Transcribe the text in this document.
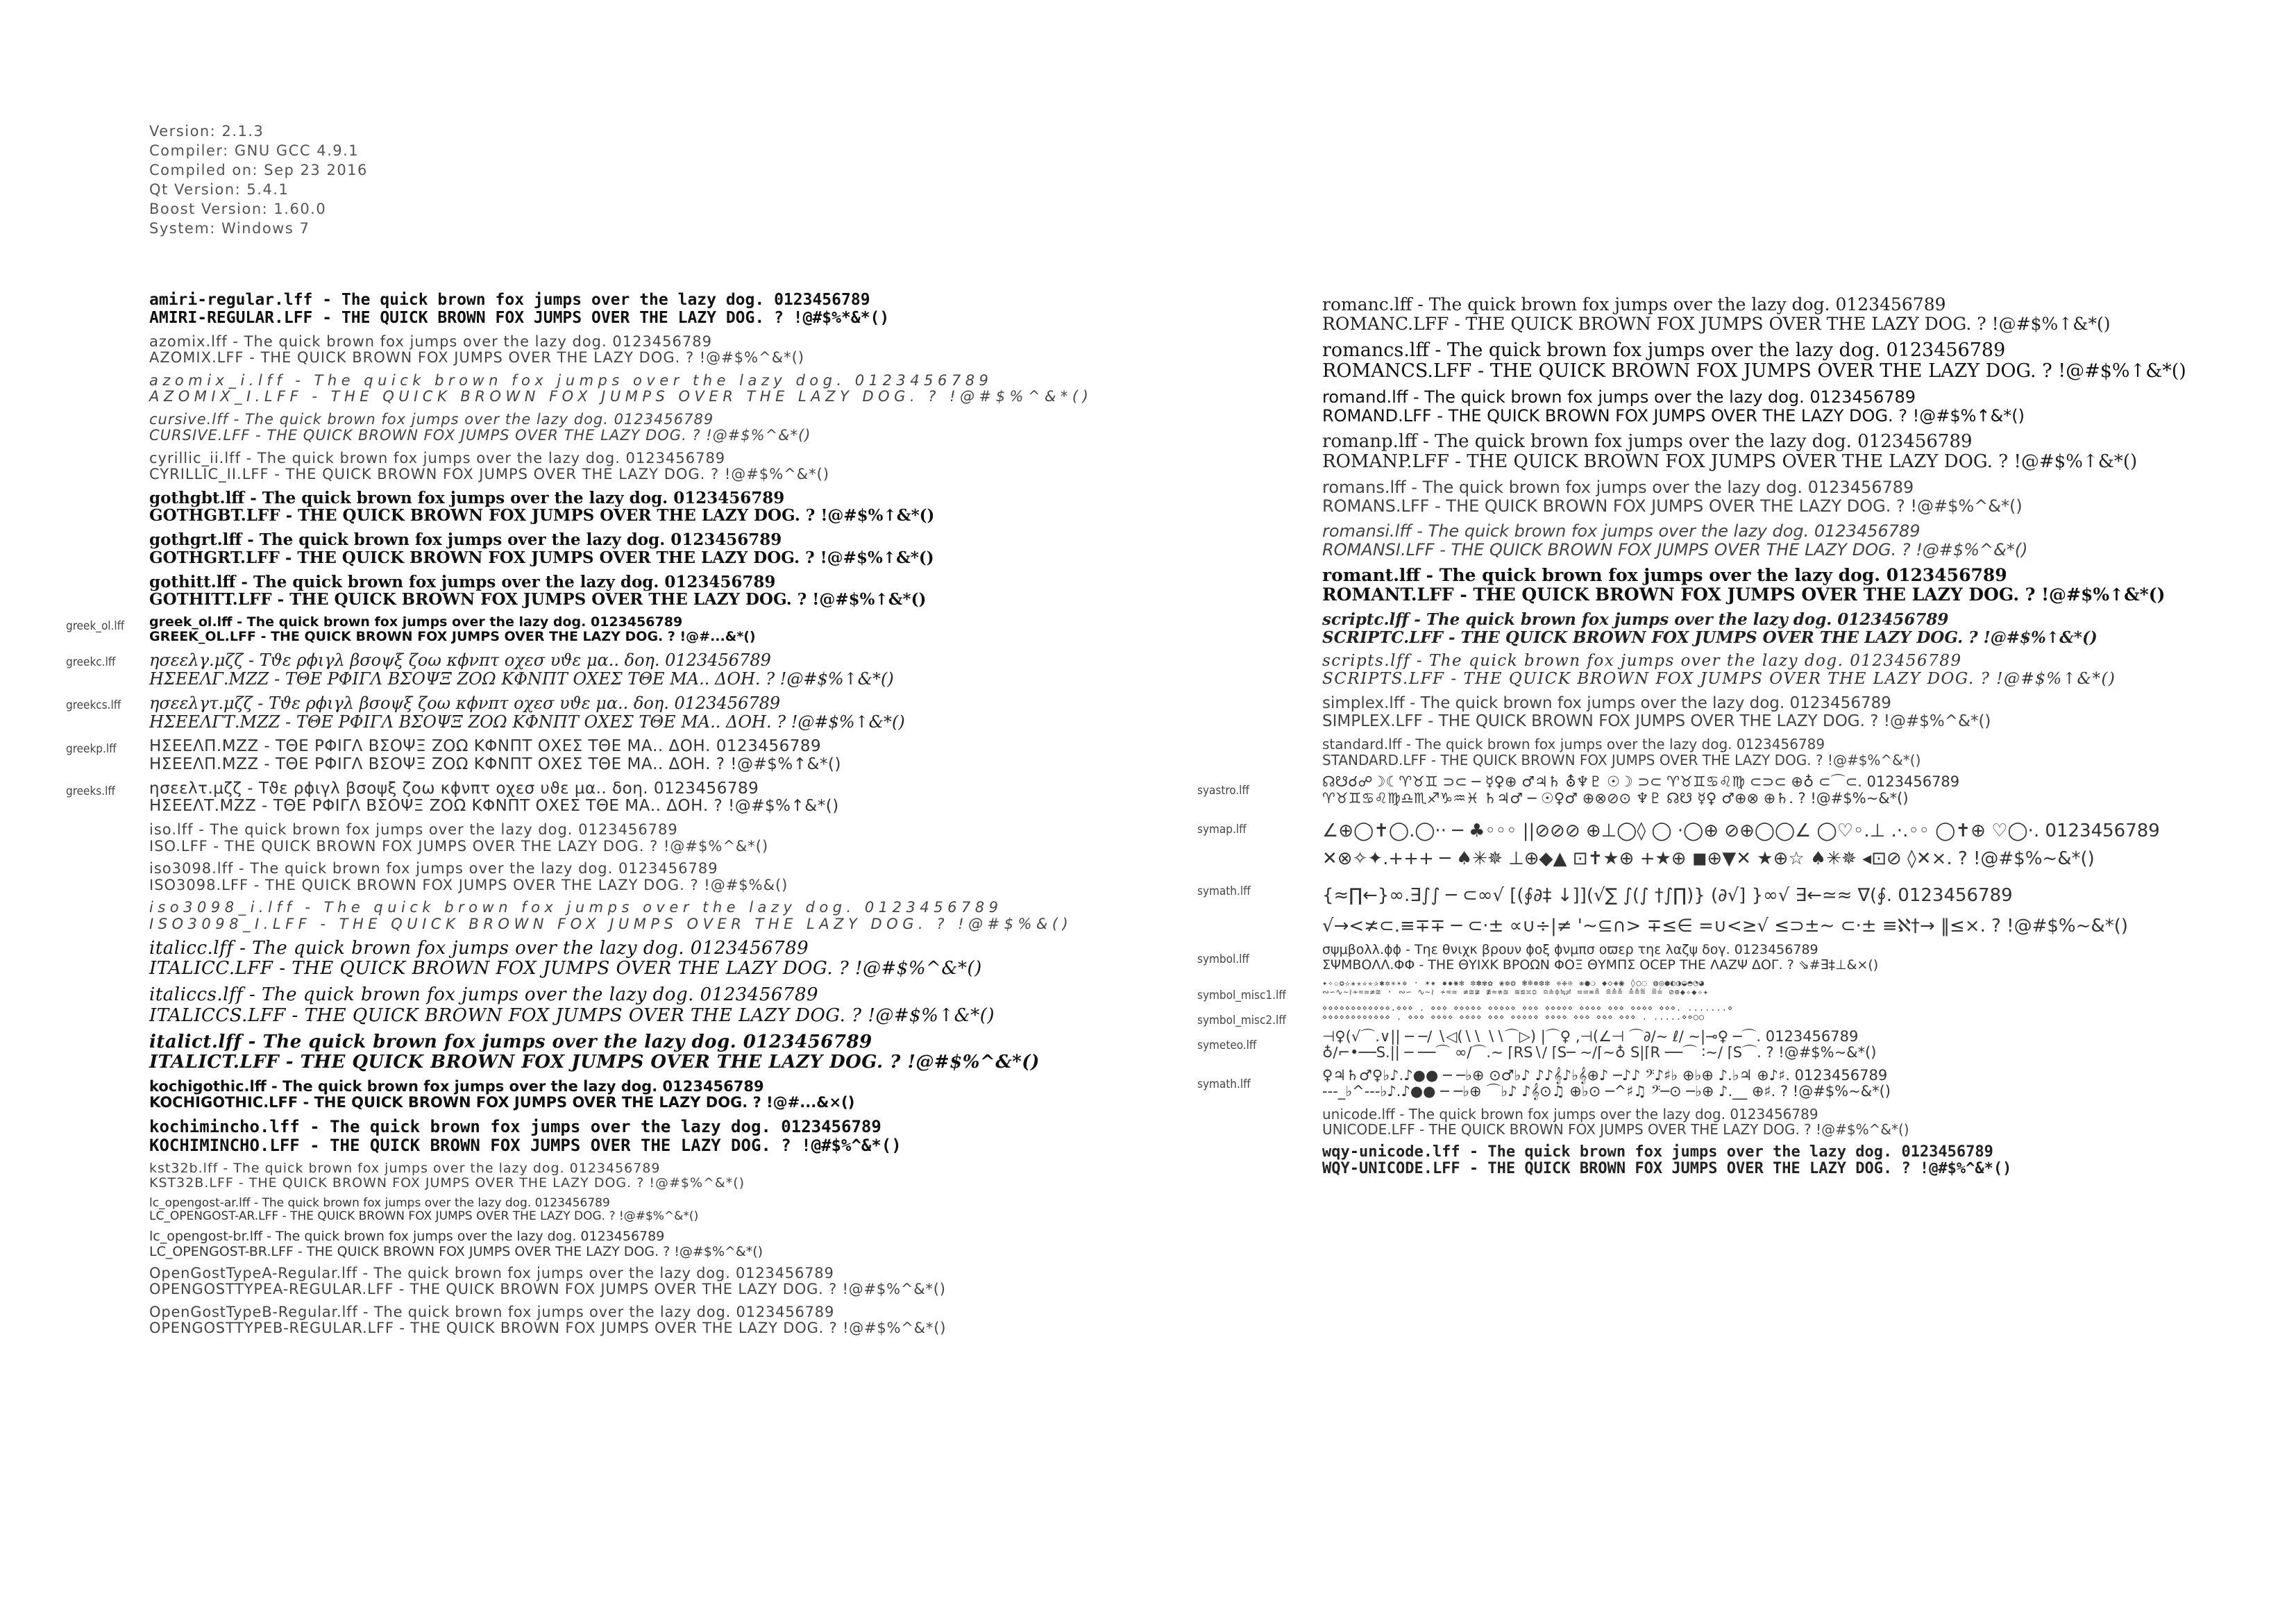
Version: 2.1.3
Compiler: GNU GCC 4.9.1
Compiled on: Sep 23 2016
Qt Version: 5.4.1
Boost Version: 1.60.0
System: Windows 7
amiri-regular.lff - The quick brown fox jumps over the lazy dog. 0123456789
AMIRI-REGULAR.LFF - THE QUICK BROWN FOX JUMPS OVER THE LAZY DOG. ? !@#$%*&*()
azomix.lff - The quick brown fox jumps over the lazy dog. 0123456789
AZOMIX.LFF - THE QUICK BROWN FOX JUMPS OVER THE LAZY DOG. ? !@#$%^&*()
azomix_i.lff - The quick brown fox jumps over the lazy dog. 0123456789
AZOMIX_I.LFF - THE QUICK BROWN FOX JUMPS OVER THE LAZY DOG. ? !@#$%^&*()
cursive.lff - The quick brown fox jumps over the lazy dog. 0123456789
CURSIVE.LFF - THE QUICK BROWN FOX JUMPS OVER THE LAZY DOG. ? !@#$%^&*()
cyrillic_ii.lff - The quick brown fox jumps over the lazy dog. 0123456789
CYRILLIC_II.LFF - THE QUICK BROWN FOX JUMPS OVER THE LAZY DOG. ? !@#$%^&*()
gothgbt.lff - The quick brown fox jumps over the lazy dog. 0123456789
GOTHGBT.LFF - THE QUICK BROWN FOX JUMPS OVER THE LAZY DOG. ? !@#$%↑&*()
gothgrt.lff - The quick brown fox jumps over the lazy dog. 0123456789
GOTHGRT.LFF - THE QUICK BROWN FOX JUMPS OVER THE LAZY DOG. ? !@#$%↑&*()
gothitt.lff - The quick brown fox jumps over the lazy dog. 0123456789
GOTHITT.LFF - THE QUICK BROWN FOX JUMPS OVER THE LAZY DOG. ? !@#$%↑&*()
greek_ol.lff	greek_ol.lff - The quick brown fox jumps over the lazy dog. 0123456789
GREEK_OL.LFF - THE QUICK BROWN FOX JUMPS OVER THE LAZY DOG. ? !@#...&*()
greekc.lff	ησεελγ.μζζ - Τϑε ρϕιγλ βσοψξ ζοω κϕνπτ οχεσ υϑε μα.. δοη. 0123456789
ΗΣΕΕΛΓ.ΜΖΖ - ΤΘΕ ΡΦΙΓΛ ΒΣΟΨΞ ΖΟΩ ΚΦΝΠΤ ΟΧΕΣ ΤΘΕ ΜΑ.. ΔΟΗ. ? !@#$%↑&*()
greekcs.lff	ησεελγτ.μζζ - Τϑε ρϕιγλ βσοψξ ζοω κϕνπτ οχεσ υϑε μα.. δοη. 0123456789
ΗΣΕΕΛΓΤ.ΜΖΖ - ΤΘΕ ΡΦΙΓΛ ΒΣΟΨΞ ΖΟΩ ΚΦΝΠΤ ΟΧΕΣ ΤΘΕ ΜΑ.. ΔΟΗ. ? !@#$%↑&*()
greekp.lff	ΗΣΕΕΛΠ.ΜΖΖ - ΤΘΕ ΡΦΙΓΛ ΒΣΟΨΞ ΖΟΩ ΚΦΝΠΤ ΟΧΕΣ ΤΘΕ ΜΑ.. ΔΟΗ. 0123456789
ΗΣΕΕΛΠ.ΜΖΖ - ΤΘΕ ΡΦΙΓΛ ΒΣΟΨΞ ΖΟΩ ΚΦΝΠΤ ΟΧΕΣ ΤΘΕ ΜΑ.. ΔΟΗ. ? !@#$%↑&*()
greeks.lff	ησεελτ.μζζ - Τϑε ρϕιγλ βσοψξ ζοω κϕνπτ οχεσ υϑε μα.. δοη. 0123456789
ΗΣΕΕΛΤ.ΜΖΖ - ΤΘΕ ΡΦΙΓΛ ΒΣΟΨΞ ΖΟΩ ΚΦΝΠΤ ΟΧΕΣ ΤΘΕ ΜΑ.. ΔΟΗ. ? !@#$%↑&*()
iso.lff - The quick brown fox jumps over the lazy dog. 0123456789
ISO.LFF - THE QUICK BROWN FOX JUMPS OVER THE LAZY DOG. ? !@#$%^&*()
iso3098.lff - The quick brown fox jumps over the lazy dog. 0123456789
ISO3098.LFF - THE QUICK BROWN FOX JUMPS OVER THE LAZY DOG. ? !@#$%&()
iso3098_i.lff - The quick brown fox jumps over the lazy dog. 0123456789
ISO3098_I.LFF - THE QUICK BROWN FOX JUMPS OVER THE LAZY DOG. ? !@#$%&()
italicc.lff - The quick brown fox jumps over the lazy dog. 0123456789
ITALICC.LFF - THE QUICK BROWN FOX JUMPS OVER THE LAZY DOG. ? !@#$%^&*()
italiccs.lff - The quick brown fox jumps over the lazy dog. 0123456789
ITALICCS.LFF - THE QUICK BROWN FOX JUMPS OVER THE LAZY DOG. ? !@#$%↑&*()
italict.lff - The quick brown fox jumps over the lazy dog. 0123456789
ITALICT.LFF - THE QUICK BROWN FOX JUMPS OVER THE LAZY DOG. ? !@#$%^&*()
kochigothic.lff - The quick brown fox jumps over the lazy dog. 0123456789
KOCHIGOTHIC.LFF - THE QUICK BROWN FOX JUMPS OVER THE LAZY DOG. ? !@#...&×()
kochimincho.lff - The quick brown fox jumps over the lazy dog. 0123456789
KOCHIMINCHO.LFF - THE QUICK BROWN FOX JUMPS OVER THE LAZY DOG. ? !@#$%^&*()
kst32b.lff - The quick brown fox jumps over the lazy dog. 0123456789
KST32B.LFF - THE QUICK BROWN FOX JUMPS OVER THE LAZY DOG. ? !@#$%^&*()
lc_opengost-ar.lff - The quick brown fox jumps over the lazy dog. 0123456789
LC_OPENGOST-AR.LFF - THE QUICK BROWN FOX JUMPS OVER THE LAZY DOG. ? !@#$%^&*()
lc_opengost-br.lff - The quick brown fox jumps over the lazy dog. 0123456789
LC_OPENGOST-BR.LFF - THE QUICK BROWN FOX JUMPS OVER THE LAZY DOG. ? !@#$%^&*()
OpenGostTypeA-Regular.lff - The quick brown fox jumps over the lazy dog. 0123456789
OPENGOSTTYPEA-REGULAR.LFF - THE QUICK BROWN FOX JUMPS OVER THE LAZY DOG. ? !@#$%^&*()
OpenGostTypeB-Regular.lff - The quick brown fox jumps over the lazy dog. 0123456789
OPENGOSTTYPEB-REGULAR.LFF - THE QUICK BROWN FOX JUMPS OVER THE LAZY DOG. ? !@#$%^&*()
romanc.lff - The quick brown fox jumps over the lazy dog. 0123456789
ROMANC.LFF - THE QUICK BROWN FOX JUMPS OVER THE LAZY DOG. ? !@#$%↑&*()
romancs.lff - The quick brown fox jumps over the lazy dog. 0123456789
ROMANCS.LFF - THE QUICK BROWN FOX JUMPS OVER THE LAZY DOG. ? !@#$%↑&*()
romand.lff - The quick brown fox jumps over the lazy dog. 0123456789
ROMAND.LFF - THE QUICK BROWN FOX JUMPS OVER THE LAZY DOG. ? !@#$%↑&*()
romanp.lff - The quick brown fox jumps over the lazy dog. 0123456789
ROMANP.LFF - THE QUICK BROWN FOX JUMPS OVER THE LAZY DOG. ? !@#$%↑&*()
romans.lff - The quick brown fox jumps over the lazy dog. 0123456789
ROMANS.LFF - THE QUICK BROWN FOX JUMPS OVER THE LAZY DOG. ? !@#$%^&*()
romansi.lff - The quick brown fox jumps over the lazy dog. 0123456789
ROMANSI.LFF - THE QUICK BROWN FOX JUMPS OVER THE LAZY DOG. ? !@#$%^&*()
romant.lff - The quick brown fox jumps over the lazy dog. 0123456789
ROMANT.LFF - THE QUICK BROWN FOX JUMPS OVER THE LAZY DOG. ? !@#$%↑&*()
scriptc.lff - The quick brown fox jumps over the lazy dog. 0123456789
SCRIPTC.LFF - THE QUICK BROWN FOX JUMPS OVER THE LAZY DOG. ? !@#$%↑&*()
scripts.lff - The quick brown fox jumps over the lazy dog. 0123456789
SCRIPTS.LFF - THE QUICK BROWN FOX JUMPS OVER THE LAZY DOG. ? !@#$%↑&*()
simplex.lff - The quick brown fox jumps over the lazy dog. 0123456789
SIMPLEX.LFF - THE QUICK BROWN FOX JUMPS OVER THE LAZY DOG. ? !@#$%^&*()
standard.lff - The quick brown fox jumps over the lazy dog. 0123456789
STANDARD.LFF - THE QUICK BROWN FOX JUMPS OVER THE LAZY DOG. ? !@#$%^&*()
syastro.lff
☊☋☌☍☽☾♈♉♊ ⊃⊂ ─ ☿♀⊕ ♂♃♄ ⛢♆♇ ☉☽ ⊃⊂ ♈♉♊♋♌♍ ⊂⊃⊂ ⊕♁ ⊂⌒⊂. 0123456789
♈♉♊♋♌♍♎♏♐♑♒♓ ♄♃♂ ─ ☉♀♂ ⊕⊗⊘⊙ ♆♇ ☊☋ ☿♀ ♂⊕⊗ ⊕♄. ? !@#$%~&*()
symap.lff	∠⊕◯✝◯.◯·· ─ ♣◦◦◦ ||⊘⊘⊘ ⊕⊥◯◊ ◯ ·◯⊕ ⊘⊕◯◯∠ ◯♡◦.⊥ .·.◦◦ ◯✝⊕ ♡◯·. 0123456789
✕⊗✧✦.+++ ─ ♠✳✵ ⊥⊕◆▲ ⊡✝★⊕ +★⊕ ◼⊕▼✕ ★⊕☆ ♠✳✵ ◂⊡⊘ ◊✕×. ? !@#$%~&*()
symath.lff	{≈∏←}∞.∃∫∫ ─ ⊂∞√ [(∮∂‡ ↓]](√∑ ∫(∫ †∫∏)} (∂√] }∞√ ∃←≃≈ ∇(∮. 0123456789
√→<≭⊂.≡∓∓ ─ ⊂·± ∝∪÷|≠ '∼⊆∩> ∓≤∈ =∪<≥√ ≤⊃±∼ ⊂·± ≡ℵ†→ ‖≤×. ? !@#$%~&*()
symbol.lff
σψμβολλ.ϕϕ - Tηε θνιχκ βρουν ϕοξ ϕνμπσ οϖερ τηε λαζψ δογ. 0123456789
ΣΨΜΒΟΛΛ.ΦΦ - ΤΗΕ ΘΥΙΧΚ ΒΡΟΩΝ ΦΟΞ ΘΥΜΠΣ ΟϹΕΡ ΤΗΕ ΛΑΖΨ ΔΟΓ. ? ⇘#∃‡⊥&×()
symbol_misc1.lff
✦✧✩✪✫✬✭✮✯✰✱✲✳✴✵ · ✶✷ ✸✹✺✻ ✼✽✾✿ ❀❁❂ ❃❄❅❆❇ ❈❉❊ ❋●❍ ◆◇◈◉ ◊○◌ ◍◎●◐◑◒◓◔◕
∾∽∿∼≀≁≂≃≄≅ · ∾∽ ∿∼≀ ≁≂≃ ≄≅≆ ≇≈≉≊ ≋≌≍≎ ≏≐≑≒≓ ≔≕≖≗ ≘≙≚ ≛≜≝ ≞≟ ⊘⊕◆✧◆✧✦
symbol_misc2.lff
⋄⋄⋄⋄⋄⋄⋄⋄⋄⋄⋄⋄.⋄⋄⋄ . ⋄⋄⋄ ⋄⋄⋄⋄⋄ ⋄⋄⋄⋄⋄ ⋄⋄⋄ ⋄⋄⋄⋄⋄ ⋄⋄⋄⋄ ⋄⋄⋄ ⋄⋄⋄⋄ ⋄⋄⋄. .......⋄
⋄⋄⋄⋄⋄⋄⋄⋄⋄⋄⋄⋄ . ⋄⋄⋄ ⋄⋄⋄⋄ ⋄⋄⋄⋄ ⋄⋄⋄ ⋄⋄⋄⋄⋄ ⋄⋄⋄⋄ ⋄⋄⋄ ⋄⋄⋄ ⋄⋄⋄ . .....⋄⋄○○
symeteo.lff
⊣♀(√⌒.∨|| ─ ─/ ∖◁(∖∖ ∖∖⌒▷) |⌒♀ ,⊣(∠⊣ ⌒∂/∼ ℓ/ ∼|⊸♀ ─⌒. 0123456789
♁∕⌐•──S.|| ─ ──⌒ ∞/⌒.∼ ⌈RS∖∕ ⌈S─ ∼/⌈∼♁ S|⌈R ──⌒ ∶∼/ ⌈S⌒. ? !@#$%~&*()
symath.lff
♀♃♄♂♀♭♪.♪●● ─ ─♭⊕ ⊙♂♭♪ ♪♪𝄞♪♭𝄞⊕♪ ─♪♪ 𝄢♪♯♭ ⊕♭⊕ ♪.♭♃ ⊕♪♯. 0123456789
---_♭^---♭♪.♪●● ─ ─♭⊕ ⌒♭♪ ♪𝄞⊙♫ ⊕♭⊙ ─^♯♫ 𝄢─⊙ ─♭⊕ ♪.__ ⊕♯. ? !@#$%~&*()
unicode.lff - The quick brown fox jumps over the lazy dog. 0123456789
UNICODE.LFF - THE QUICK BROWN FOX JUMPS OVER THE LAZY DOG. ? !@#$%^&*()
wqy-unicode.lff - The quick brown fox jumps over the lazy dog. 0123456789
WQY-UNICODE.LFF - THE QUICK BROWN FOX JUMPS OVER THE LAZY DOG. ? !@#$%^&*()
